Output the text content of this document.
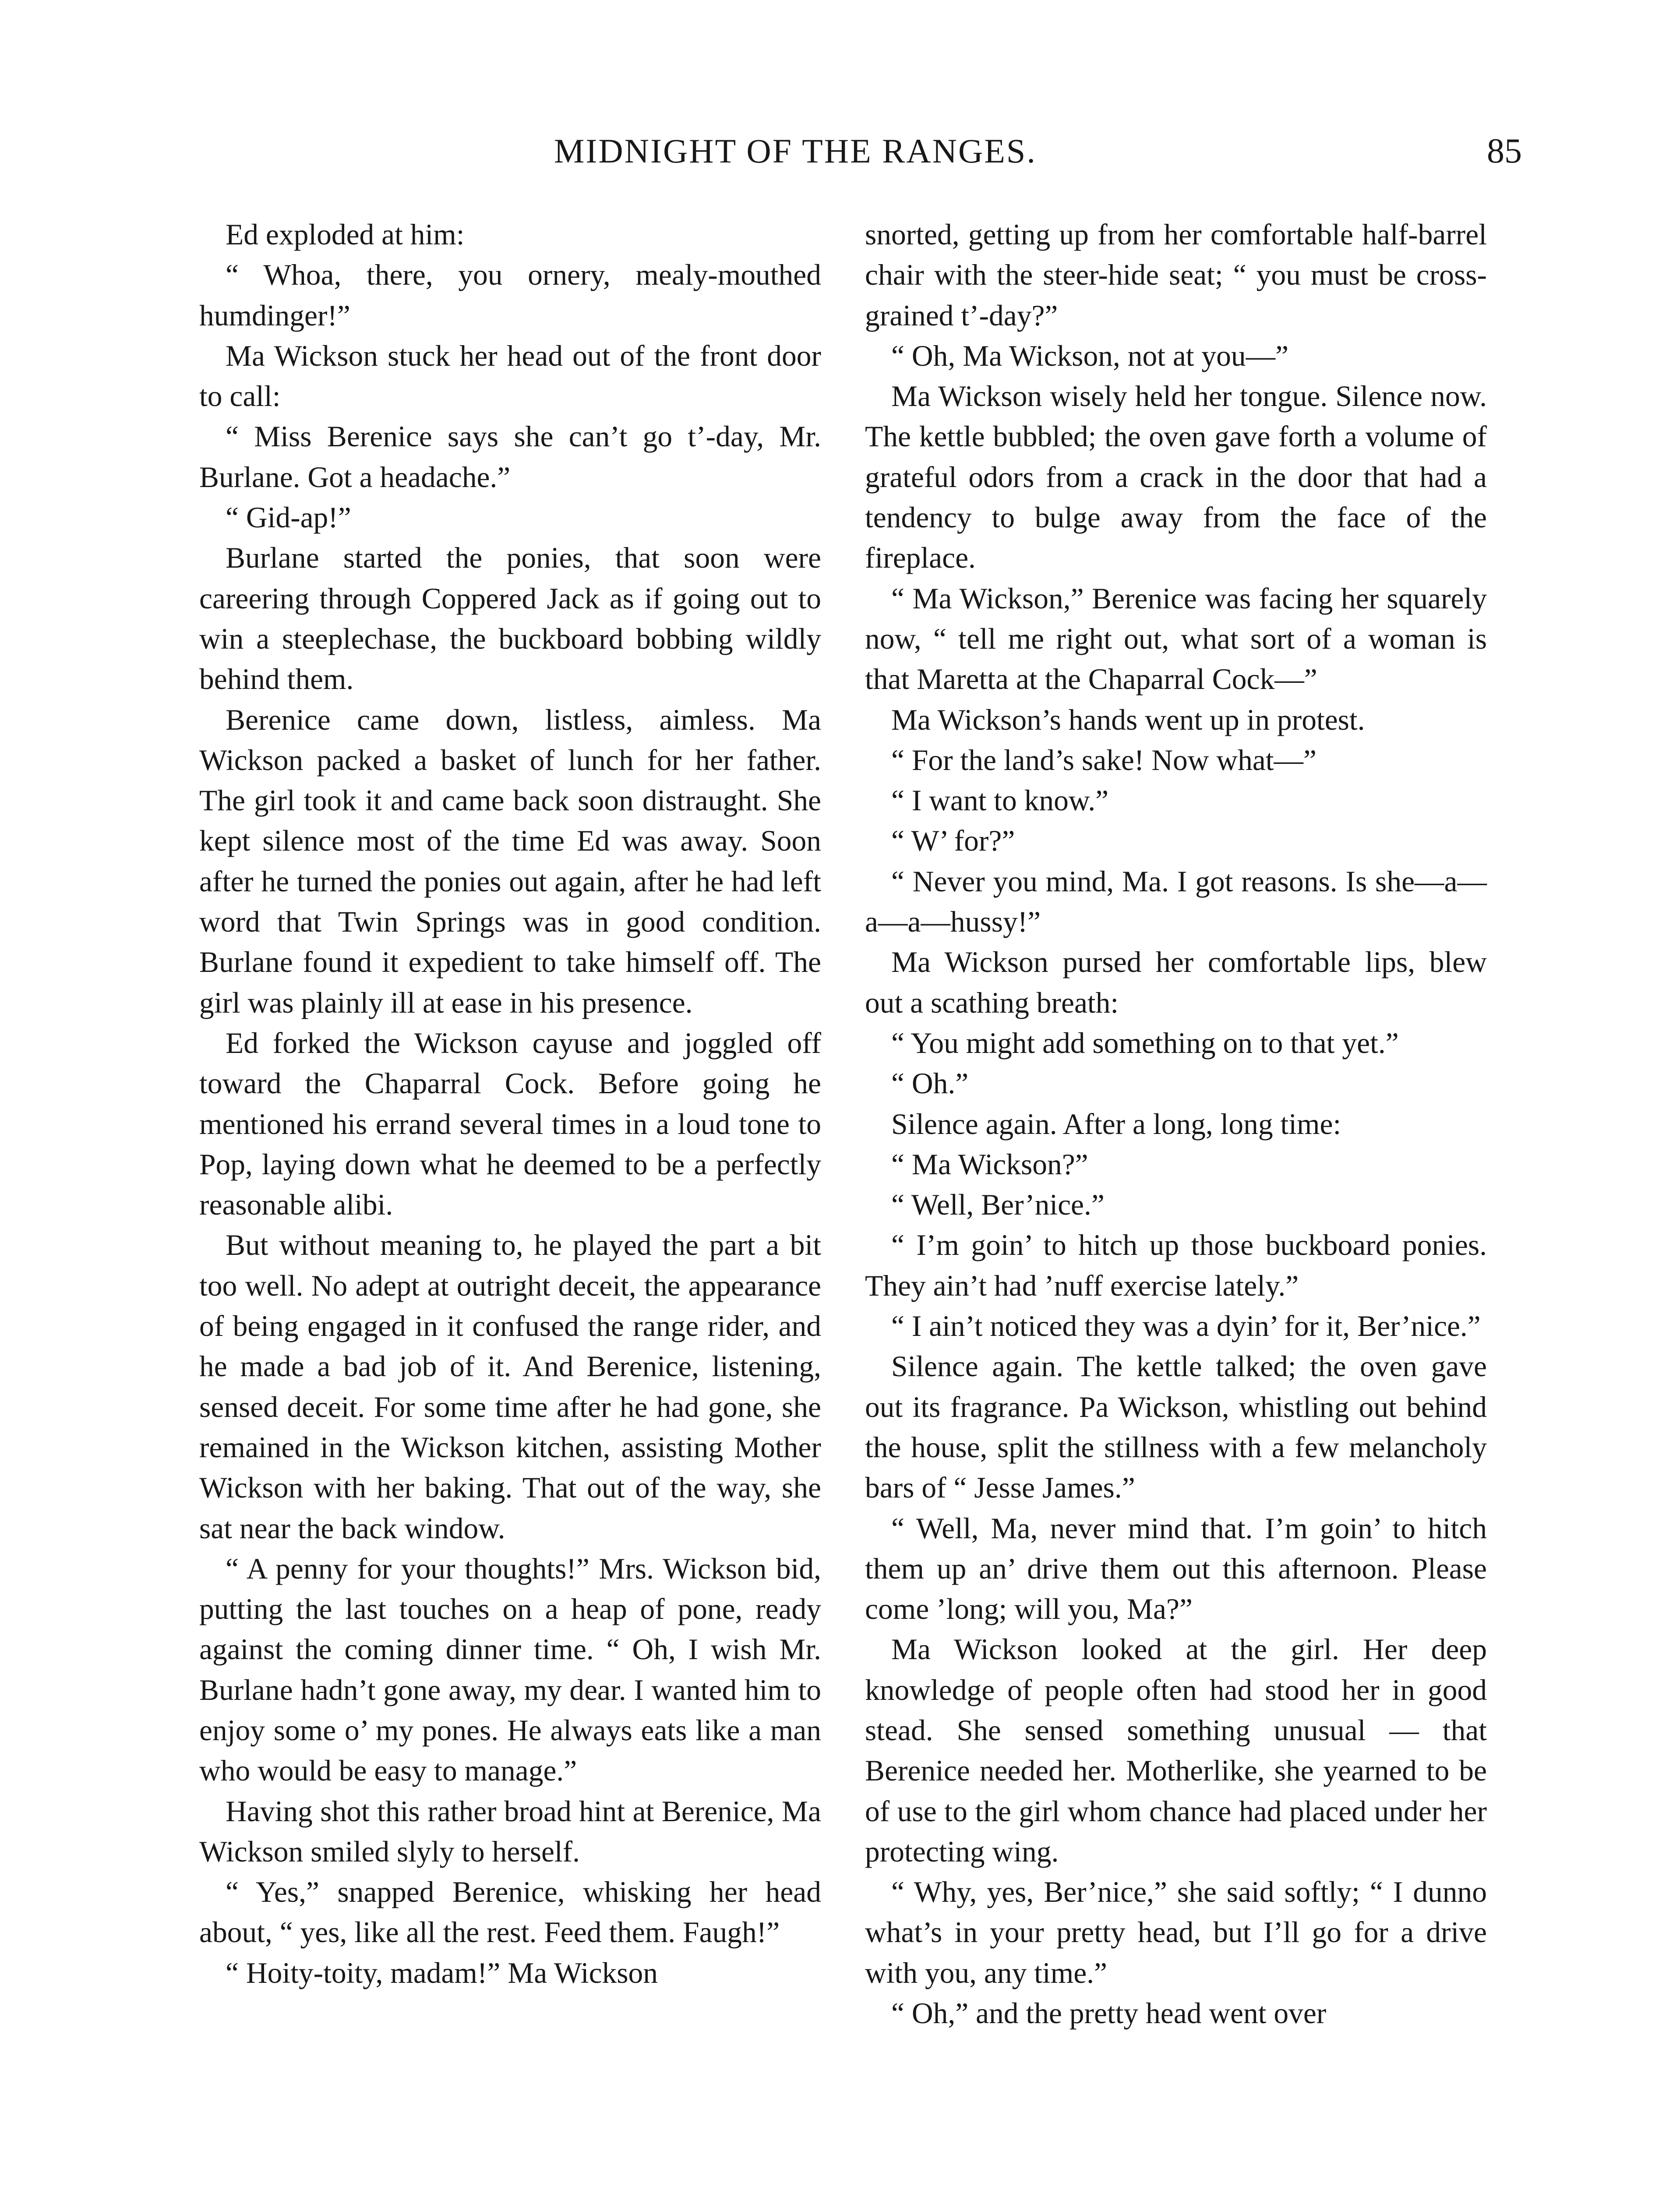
MIDNIGHT OF THE RANGES.	85

Ed exploded at him:

“ Whoa, there, you ornery, mealy-mouthed humdinger!”

Ma Wickson stuck her head out of the front door to call:

“ Miss Berenice says she can’t go t’-day, Mr. Burlane. Got a headache.”

“ Gid-ap!”

Burlane started the ponies, that soon were careering through Coppered Jack as if going out to win a steeplechase, the buckboard bobbing wildly behind them.

Berenice came down, listless, aimless. Ma Wickson packed a basket of lunch for her father. The girl took it and came back soon distraught. She kept silence most of the time Ed was away. Soon after he turned the ponies out again, after he had left word that Twin Springs was in good condition. Burlane found it expedient to take himself off. The girl was plainly ill at ease in his presence.

Ed forked the Wickson cayuse and joggled off toward the Chaparral Cock. Before going he mentioned his errand several times in a loud tone to Pop, laying down what he deemed to be a perfectly reasonable alibi.

But without meaning to, he played the part a bit too well. No adept at outright deceit, the appearance of being engaged in it confused the range rider, and he made a bad job of it. And Berenice, listening, sensed deceit. For some time after he had gone, she remained in the Wickson kitchen, assisting Mother Wickson with her baking. That out of the way, she sat near the back window.

“ A penny for your thoughts!” Mrs. Wickson bid, putting the last touches on a heap of pone, ready against the coming dinner time. “ Oh, I wish Mr. Burlane hadn’t gone away, my dear. I wanted him to enjoy some o’ my pones. He always eats like a man who would be easy to manage.”

Having shot this rather broad hint at Berenice, Ma Wickson smiled slyly to herself.

“ Yes,” snapped Berenice, whisking her head about, “ yes, like all the rest. Feed them. Faugh!”

“ Hoity-toity, madam!” Ma Wickson

snorted, getting up from her comfortable half-barrel chair with the steer-hide seat; “ you must be cross-grained t’-day?”

“ Oh, Ma Wickson, not at you—”

Ma Wickson wisely held her tongue. Silence now. The kettle bubbled; the oven gave forth a volume of grateful odors from a crack in the door that had a tendency to bulge away from the face of the fireplace.

“ Ma Wickson,” Berenice was facing her squarely now, “ tell me right out, what sort of a woman is that Maretta at the Chaparral Cock—”

Ma Wickson’s hands went up in protest.

“ For the land’s sake! Now what—”

“ I want to know.”

“ W’ for?”

“ Never you mind, Ma. I got reasons. Is she—a—a—a—hussy!”

Ma Wickson pursed her comfortable lips, blew out a scathing breath:

“ You might add something on to that yet.”

“ Oh.”

Silence again. After a long, long time:

“ Ma Wickson?”

“ Well, Ber’nice.”

“ I’m goin’ to hitch up those buckboard ponies. They ain’t had ’nuff exercise lately.”

“ I ain’t noticed they was a dyin’ for it, Ber’nice.”

Silence again. The kettle talked; the oven gave out its fragrance. Pa Wickson, whistling out behind the house, split the stillness with a few melancholy bars of “ Jesse James.”

“ Well, Ma, never mind that. I’m goin’ to hitch them up an’ drive them out this afternoon. Please come ’long; will you, Ma?”

Ma Wickson looked at the girl. Her deep knowledge of people often had stood her in good stead. She sensed something unusual — that Berenice needed her. Motherlike, she yearned to be of use to the girl whom chance had placed under her protecting wing.

“ Why, yes, Ber’nice,” she said softly; “ I dunno what’s in your pretty head, but I’ll go for a drive with you, any time.”

“ Oh,” and the pretty head went over
